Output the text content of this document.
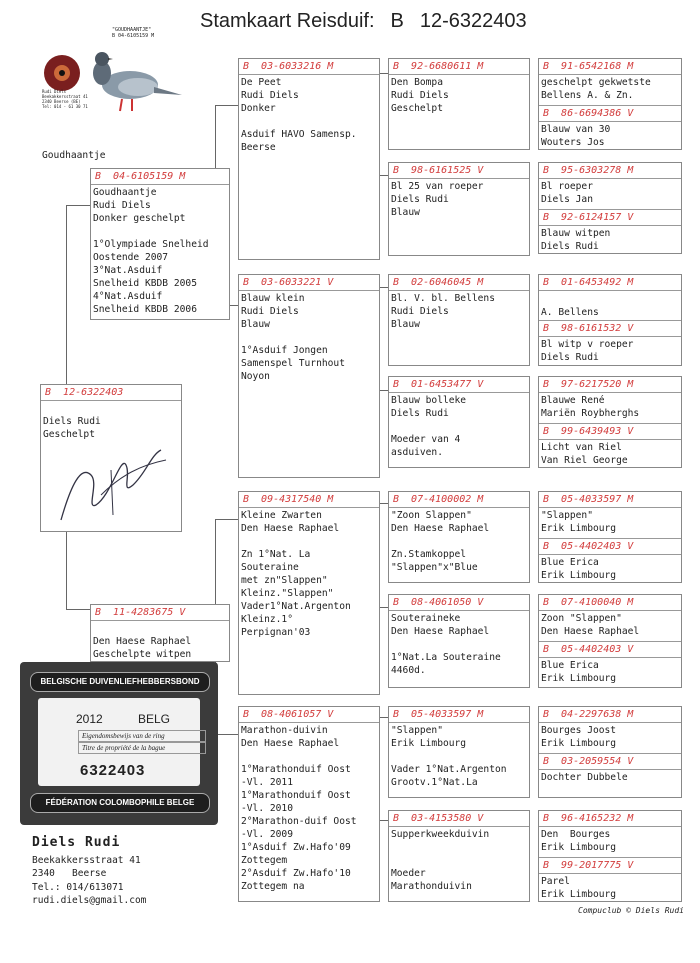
Stamkaart Reisduif: B 12-6322403
"GOUDHAANTJE"
B 04-6105159 M
Rudi Diels
Beekakkersstraat 41
2340 Beerse (BE)
Tel: 014 - 61 30 71
Goudhaantje
B  04-6105159 M
Goudhaantje
Rudi Diels
Donker geschelpt

1°Olympiade Snelheid
Oostende 2007
3°Nat.Asduif
Snelheid KBDB 2005
4°Nat.Asduif
Snelheid KBDB 2006
B  12-6322403

Diels Rudi
Geschelpt
B  11-4283675 V

Den Haese Raphael
Geschelpte witpen
BELGISCHE DUIVENLIEFHEBBERSBOND
2012	BELG
Eigendomsbewijs van de ring
Titre de propriété de la bague
6322403
FÉDÉRATION COLOMBOPHILE BELGE
Diels Rudi
Beekakkersstraat 41
2340   Beerse
Tel.: 014/613071
rudi.diels@gmail.com
B  03-6033216 M
De Peet
Rudi Diels
Donker

Asduif HAVO Samensp.
Beerse
B  03-6033221 V
Blauw klein
Rudi Diels
Blauw

1°Asduif Jongen
Samenspel Turnhout
Noyon
B  09-4317540 M
Kleine Zwarten
Den Haese Raphael

Zn 1°Nat. La
Souteraine
met zn"Slappen"
Kleinz."Slappen"
Vader1°Nat.Argenton
Kleinz.1°
Perpignan'03
B  08-4061057 V
Marathon-duivin
Den Haese Raphael

1°Marathonduif Oost
-Vl. 2011
1°Marathonduif Oost
-Vl. 2010
2°Marathon-duif Oost
-Vl. 2009
1°Asduif Zw.Hafo'09
Zottegem
2°Asduif Zw.Hafo'10
Zottegem na
B  92-6680611 M
Den Bompa
Rudi Diels
Geschelpt
B  98-6161525 V
Bl 25 van roeper
Diels Rudi
Blauw
B  02-6046045 M
Bl. V. bl. Bellens
Rudi Diels
Blauw
B  01-6453477 V
Blauw bolleke
Diels Rudi

Moeder van 4
asduiven.
B  07-4100002 M
"Zoon Slappen"
Den Haese Raphael

Zn.Stamkoppel
"Slappen"x"Blue
B  08-4061050 V
Souteraineke
Den Haese Raphael

1°Nat.La Souteraine
4460d.
B  05-4033597 M
"Slappen"
Erik Limbourg

Vader 1°Nat.Argenton
Grootv.1°Nat.La
B  03-4153580 V
Supperkweekduivin

Moeder
Marathonduivin
B  91-6542168 M
geschelpt gekwetste
Bellens A. & Zn.
B  86-6694386 V
Blauw van 30
Wouters Jos
B  95-6303278 M
Bl roeper
Diels Jan
B  92-6124157 V
Blauw witpen
Diels Rudi
B  01-6453492 M
A. Bellens
B  98-6161532 V
Bl witp v roeper
Diels Rudi
B  97-6217520 M
Blauwe René
Mariën Roybherghs
B  99-6439493 V
Licht van Riel
Van Riel George
B  05-4033597 M
"Slappen"
Erik Limbourg
B  05-4402403 V
Blue Erica
Erik Limbourg
B  07-4100040 M
Zoon "Slappen"
Den Haese Raphael
B  05-4402403 V
Blue Erica
Erik Limbourg
B  04-2297638 M
Bourges Joost
Erik Limbourg
B  03-2059554 V
Dochter Dubbele
B  96-4165232 M
Den  Bourges
Erik Limbourg
B  99-2017775 V
Parel
Erik Limbourg
Compuclub © Diels Rudi
